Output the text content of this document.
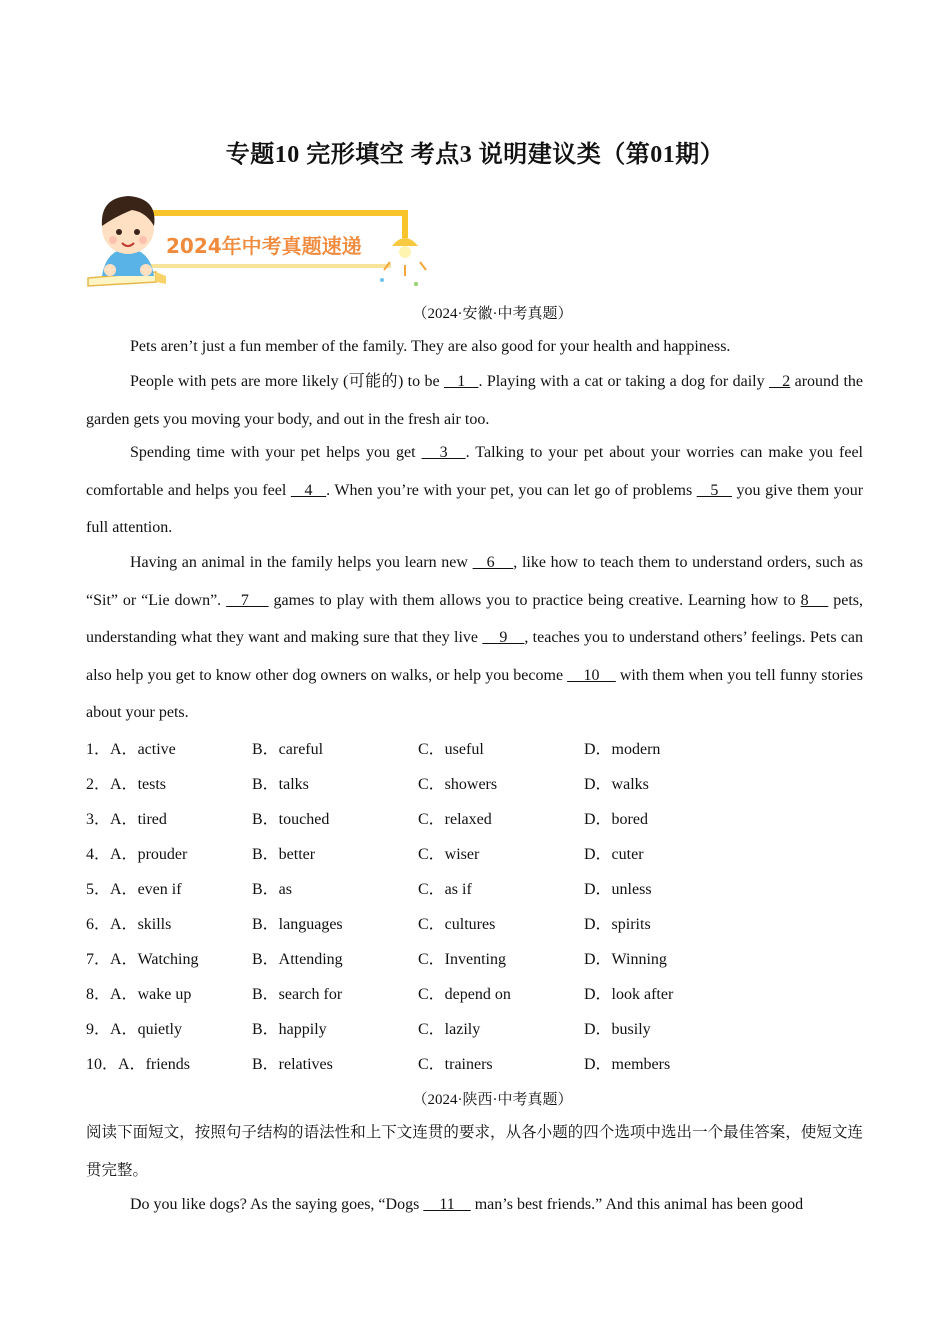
专题10 完形填空 考点3 说明建议类（第01期）
2024年中考真题速递
（2024·安徽·中考真题）
Pets aren’t just a fun member of the family. They are also good for your health and happiness.
People with pets are more likely (可能的) to be    1   . Playing with a cat or taking a dog for daily    2 around the garden gets you moving your body, and out in the fresh air too.
Spending time with your pet helps you get    3   . Talking to your pet about your worries can make you feel comfortable and helps you feel    4   . When you’re with your pet, you can let go of problems    5    you give them your full attention.
Having an animal in the family helps you learn new    6    , like how to teach them to understand orders, such as “Sit” or “Lie down”.    7     games to play with them allows you to practice being creative. Learning how to 8     pets, understanding what they want and making sure that they live     9    , teaches you to understand others’ feelings. Pets can also help you get to know other dog owners on walks, or help you become     10     with them when you tell funny stories about your pets.
1．A．active	B．careful	C．useful	D．modern
2．A．tests	B．talks	C．showers	D．walks
3．A．tired	B．touched	C．relaxed	D．bored
4．A．prouder	B．better	C．wiser	D．cuter
5．A．even if	B．as	C．as if	D．unless
6．A．skills	B．languages	C．cultures	D．spirits
7．A．Watching	B．Attending	C．Inventing	D．Winning
8．A．wake up	B．search for	C．depend on	D．look after
9．A．quietly	B．happily	C．lazily	D．busily
10．A．friends	B．relatives	C．trainers	D．members
（2024·陕西·中考真题）
阅读下面短文，按照句子结构的语法性和上下文连贯的要求，从各小题的四个选项中选出一个最佳答案，使短文连贯完整。
Do you like dogs? As the saying goes, “Dogs     11     man’s best friends.” And this animal has been good
